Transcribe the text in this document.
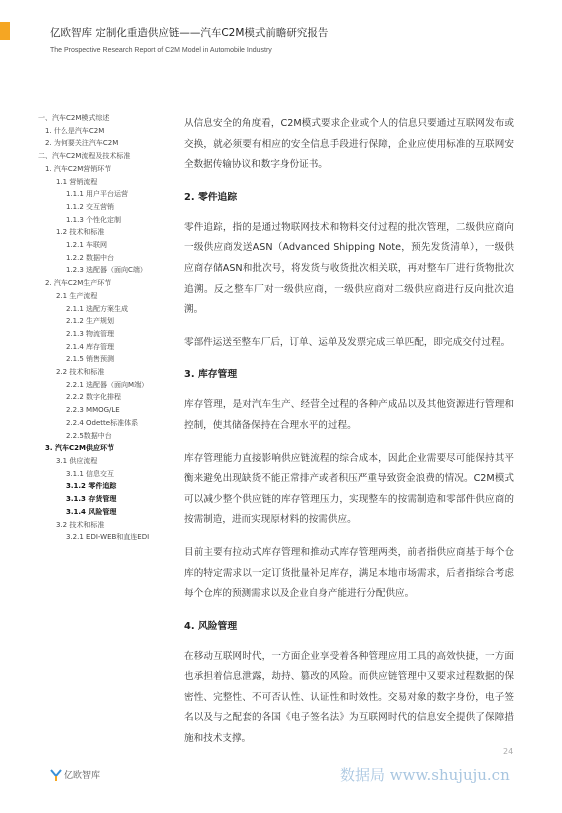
亿欧智库 定制化重造供应链——汽车C2M模式前瞻研究报告
The Prospective Research Report of C2M Model in Automobile Industry
一、汽车C2M模式综述
1. 什么是汽车C2M
2. 为何要关注汽车C2M
二、汽车C2M流程及技术标准
1. 汽车C2M营销环节
1.1 营销流程
1.1.1 用户平台运营
1.1.2 交互营销
1.1.3 个性化定制
1.2 技术和标准
1.2.1 车联网
1.2.2 数据中台
1.2.3 选配器（面向C端）
2. 汽车C2M生产环节
2.1 生产流程
2.1.1 选配方案生成
2.1.2 生产规划
2.1.3 物流管理
2.1.4 库存管理
2.1.5 销售预测
2.2 技术和标准
2.2.1 选配器（面向M端）
2.2.2 数字化排程
2.2.3 MMOG/LE
2.2.4 Odette标准体系
2.2.5数据中台
3. 汽车C2M供应环节
3.1 供应流程
3.1.1 信息交互
3.1.2 零件追踪
3.1.3 存货管理
3.1.4 风险管理
3.2 技术和标准
3.2.1 EDI-WEB和直连EDI

从信息安全的角度看，C2M模式要求企业或个人的信息只要通过互联网发布或交换，就必须要有相应的安全信息手段进行保障，企业应使用标准的互联网安全数据传输协议和数字身份证书。

2. 零件追踪

零件追踪，指的是通过物联网技术和物料交付过程的批次管理，二级供应商向一级供应商发送ASN（Advanced Shipping Note，预先发货清单），一级供应商存储ASN和批次号，将发货与收货批次相关联，再对整车厂进行货物批次追溯。反之整车厂对一级供应商，一级供应商对二级供应商进行反向批次追溯。

零部件运送至整车厂后，订单、运单及发票完成三单匹配，即完成交付过程。

3. 库存管理

库存管理，是对汽车生产、经营全过程的各种产成品以及其他资源进行管理和控制，使其储备保持在合理水平的过程。

库存管理能力直接影响供应链流程的综合成本，因此企业需要尽可能保持其平衡来避免出现缺货不能正常排产或者积压严重导致资金浪费的情况。C2M模式可以减少整个供应链的库存管理压力，实现整车的按需制造和零部件供应商的按需制造，进而实现原材料的按需供应。

目前主要有拉动式库存管理和推动式库存管理两类，前者指供应商基于每个仓库的特定需求以一定订货批量补足库存，满足本地市场需求，后者指综合考虑每个仓库的预测需求以及企业自身产能进行分配供应。

4. 风险管理

在移动互联网时代，一方面企业享受着各种管理应用工具的高效快捷，一方面也承担着信息泄露，劫持、篡改的风险。而供应链管理中又要求过程数据的保密性、完整性、不可否认性、认证性和时效性。交易对象的数字身份，电子签名以及与之配套的各国《电子签名法》为互联网时代的信息安全提供了保障措施和技术支撑。

亿欧智库
24
数据局 www.shujuju.cn
